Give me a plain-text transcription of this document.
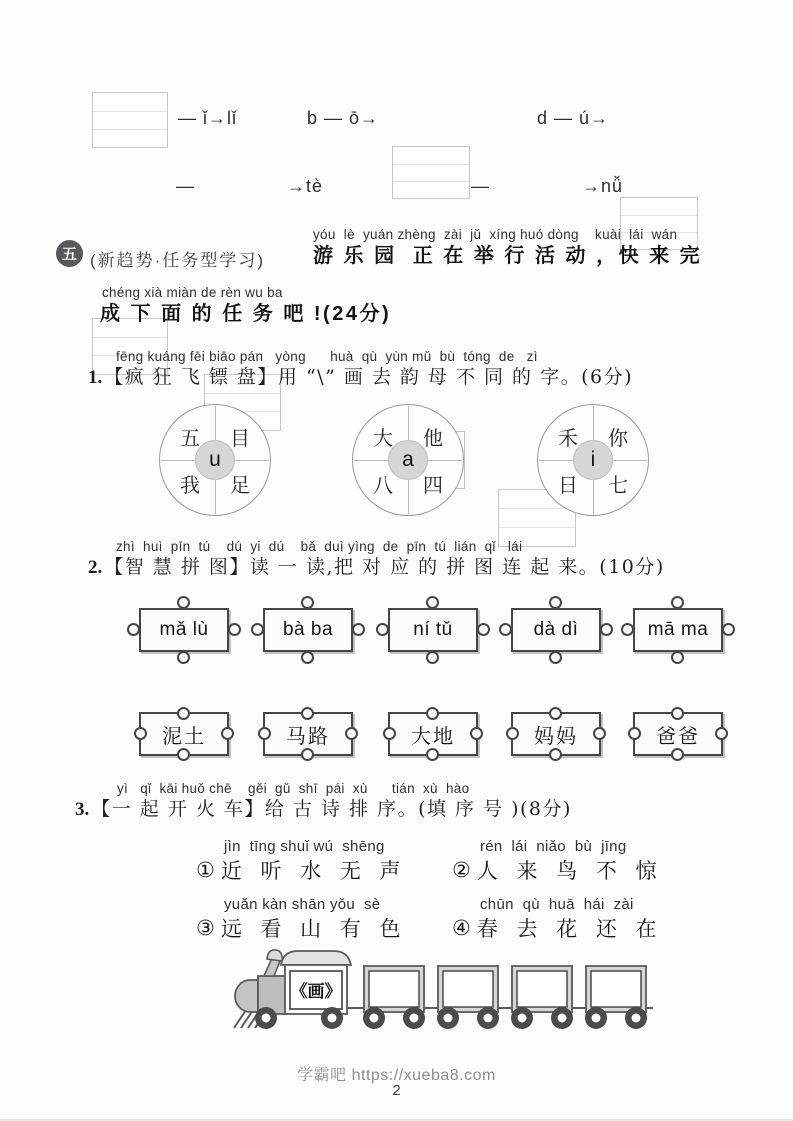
— ǐ→lǐ	b — ō→	d — ú→
—	→tè	—	→nǚ
五 (新趋势·任务型学习)
yóu  lè  yuán zhèng  zài  jǔ  xíng huó dòng    kuài  lái  wán
游 乐 园  正 在 举 行 活 动 ，快 来 完
chéng xià miàn de rèn wu ba
成 下 面 的 任 务 吧 !(24分)
fēng kuáng fēi biāo pán   yòng      huà  qù  yùn mǔ  bù  tóng  de   zì
1. 【疯 狂 飞 镖 盘】用 “\” 画 去 韵 母 不 同 的 字。(6分)
五 目
我 足
u
大 他
八 四
a
禾 你
日 七
i
zhì  huì  pīn  tú    dú  yi  dú    bǎ  duì yìng  de  pīn  tú  lián  qǐ   lái
2. 【智 慧 拼 图】读 一 读,把 对 应 的 拼 图 连 起 来。(10分)
mǎ lù	bà ba	ní tǔ	dà dì	mā ma
泥土	马路	大地	妈妈	爸爸
yì   qǐ  kāi huǒ chē    gěi  gǔ  shī  pái  xù      tián  xù  hào
3. 【一 起 开 火 车】给 古 诗 排 序。(填 序 号 )(8分)
jìn  tīng shuǐ wú  shēng
① 近 听 水 无 声
rén  lái  niǎo  bù  jīng
② 人 来 鸟 不 惊
yuǎn kàn shān yǒu  sè
③ 远 看 山 有 色
chūn  qù  huā  hái  zài
④ 春 去 花 还 在
《画》
学霸吧 https://xueba8.com
2
